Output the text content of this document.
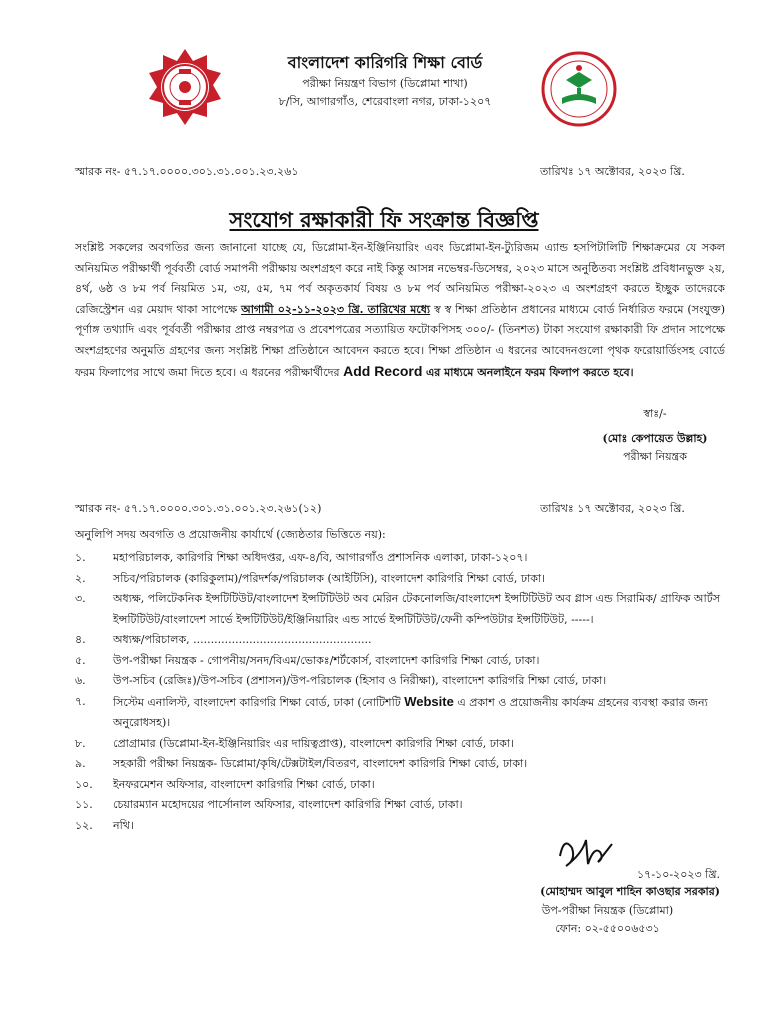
বাংলাদেশ কারিগরি শিক্ষা বোর্ড
পরীক্ষা নিয়ন্ত্রণ বিভাগ (ডিপ্লোমা শাখা)
৮/সি, আগারগাঁও, শেরেবাংলা নগর, ঢাকা-১২০৭
স্মারক নং- ৫৭.১৭.০০০০.৩০১.৩১.০০১.২৩.২৬১	তারিখঃ ১৭ অক্টোবর, ২০২৩ খ্রি.
সংযোগ রক্ষাকারী ফি সংক্রান্ত বিজ্ঞপ্তি
সংশ্লিষ্ট সকলের অবগতির জন্য জানানো যাচ্ছে যে, ডিপ্লোমা-ইন-ইঞ্জিনিয়ারিং এবং ডিপ্লোমা-ইন-ট্যুরিজম এ্যান্ড হসপিটালিটি শিক্ষাক্রমের যে সকল অনিয়মিত পরীক্ষার্থী পূর্ববর্তী বোর্ড সমাপনী পরীক্ষায় অংশগ্রহণ করে নাই কিন্তু আসন্ন নভেম্বর-ডিসেম্বর, ২০২৩ মাসে অনুষ্ঠিতব্য সংশ্লিষ্ট প্রবিধানভুক্ত ২য়, ৪র্থ, ৬ষ্ঠ ও ৮ম পর্ব নিয়মিত ১ম, ৩য়, ৫ম, ৭ম পর্ব অকৃতকার্য বিষয় ও ৮ম পর্ব অনিয়মিত পরীক্ষা-২০২৩ এ অংশগ্রহণ করতে ইচ্ছুক তাদেরকে রেজিস্ট্রেশন এর মেয়াদ থাকা সাপেক্ষে আগামী ০২-১১-২০২৩ খ্রি. তারিখের মধ্যে স্ব স্ব শিক্ষা প্রতিষ্ঠান প্রধানের মাধ্যমে বোর্ড নির্ধারিত ফরমে (সংযুক্ত) পূর্ণাঙ্গ তথ্যাদি এবং পূর্ববর্তী পরীক্ষার প্রাপ্ত নম্বরপত্র ও প্রবেশপত্রের সত্যায়িত ফটোকপিসহ ৩০০/- (তিনশত) টাকা সংযোগ রক্ষাকারী ফি প্রদান সাপেক্ষে অংশগ্রহণের অনুমতি গ্রহণের জন্য সংশ্লিষ্ট শিক্ষা প্রতিষ্ঠানে আবেদন করতে হবে। শিক্ষা প্রতিষ্ঠান এ ধরনের আবেদনগুলো পৃথক ফরোয়ার্ডিংসহ বোর্ডে ফরম ফিলাপের সাথে জমা দিতে হবে। এ ধরনের পরীক্ষার্থীদের Add Record এর মাধ্যমে অনলাইনে ফরম ফিলাপ করতে হবে।
স্বাঃ/-
(মোঃ কেপায়েত উল্লাহ)
পরীক্ষা নিয়ন্ত্রক
স্মারক নং- ৫৭.১৭.০০০০.৩০১.৩১.০০১.২৩.২৬১(১২)	তারিখঃ ১৭ অক্টোবর, ২০২৩ খ্রি.
অনুলিপি সদয় অবগতি ও প্রয়োজনীয় কার্যার্থে (জ্যেষ্ঠতার ভিত্তিতে নয়):
১. মহাপরিচালক, কারিগরি শিক্ষা অধিদপ্তর, এফ-৪/বি, আগারগাঁও প্রশাসনিক এলাকা, ঢাকা-১২০৭।
২. সচিব/পরিচালক (কারিকুলাম)/পরিদর্শক/পরিচালক (আইটিসি), বাংলাদেশ কারিগরি শিক্ষা বোর্ড, ঢাকা।
৩. অধ্যক্ষ, পলিটেকনিক ইন্সটিটিউট/বাংলাদেশ ইন্সটিটিউট অব মেরিন টেকনোলজি/বাংলাদেশ ইন্সটিটিউট অব গ্লাস এন্ড সিরামিক/ গ্রাফিক আর্টস ইন্সটিটিউট/বাংলাদেশ সার্ভে ইন্সটিটিউট/ইঞ্জিনিয়ারিং এন্ড সার্ভে ইন্সটিটিউট/ফেনী কম্পিউটার ইন্সটিটিউট, -----।
৪. অধ্যক্ষ/পরিচালক, ...................................................
৫. উপ-পরীক্ষা নিয়ন্ত্রক - গোপনীয়/সনদ/বিএম/ভোকঃ/শর্টকোর্স, বাংলাদেশ কারিগরি শিক্ষা বোর্ড, ঢাকা।
৬. উপ-সচিব (রেজিঃ)/উপ-সচিব (প্রশাসন)/উপ-পরিচালক (হিসাব ও নিরীক্ষা), বাংলাদেশ কারিগরি শিক্ষা বোর্ড, ঢাকা।
৭. সিস্টেম এনালিস্ট, বাংলাদেশ কারিগরি শিক্ষা বোর্ড, ঢাকা (নোটিশটি Website এ প্রকাশ ও প্রয়োজনীয় কার্যক্রম গ্রহনের ব্যবস্থা করার জন্য অনুরোধসহ)।
৮. প্রোগ্রামার (ডিপ্লোমা-ইন-ইঞ্জিনিয়ারিং এর দায়িত্বপ্রাপ্ত), বাংলাদেশ কারিগরি শিক্ষা বোর্ড, ঢাকা।
৯. সহকারী পরীক্ষা নিয়ন্ত্রক- ডিপ্লোমা/কৃষি/টেক্সটাইল/বিতরণ, বাংলাদেশ কারিগরি শিক্ষা বোর্ড, ঢাকা।
১০. ইনফরমেশন অফিসার, বাংলাদেশ কারিগরি শিক্ষা বোর্ড, ঢাকা।
১১. চেয়ারম্যান মহোদয়ের পার্সোনাল অফিসার, বাংলাদেশ কারিগরি শিক্ষা বোর্ড, ঢাকা।
১২. নথি।
১৭-১০-২০২৩ খ্রি.
(মোহাম্মদ আবুল শাহিন কাওছার সরকার)
উপ-পরীক্ষা নিয়ন্ত্রক (ডিপ্লোমা)
ফোন: ০২-৫৫০০৬৫৩১
